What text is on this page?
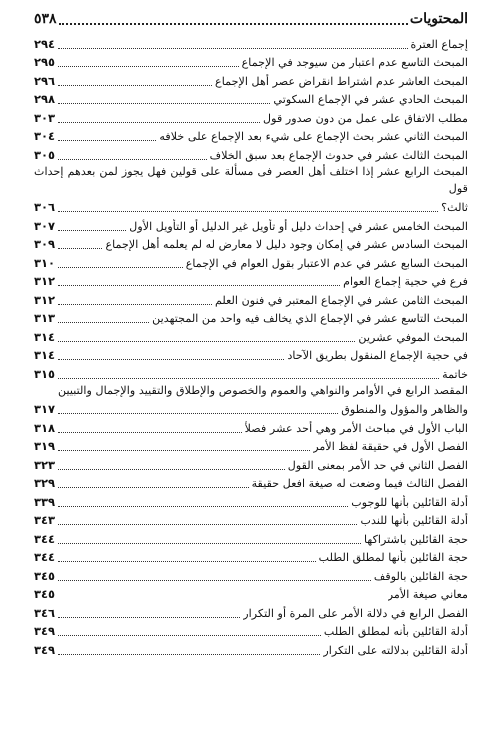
المحتويات
٥٣٨
إجماع العترة
٢٩٤
المبحث التاسع عدم اعتبار من سيوجد في الإجماع
٢٩٥
المبحث العاشر عدم اشتراط انقراض عصر أهل الإجماع
٢٩٦
المبحث الحادي عشر في الإجماع السكوتي
٢٩٨
مطلب الاتفاق على عمل من دون صدور قول
٣٠٣
المبحث الثاني عشر بحث الإجماع على شيء بعد الإجماع على خلافه
٣٠٤
المبحث الثالث عشر في حدوث الإجماع بعد سبق الخلاف
٣٠٥
المبحث الرابع عشر إذا اختلف أهل العصر فى مسألة على قولين فهل يجوز لمن بعدهم إحداث قول
ثالث؟
٣٠٦
المبحث الخامس عشر في إحداث دليل أو تأويل غير الدليل أو التأويل الأول
٣٠٧
المبحث السادس عشر في إمكان وجود دليل لا معارض له لم يعلمه أهل الإجماع
٣٠٩
المبحث السابع عشر في عدم الاعتبار بقول العوام في الإجماع
٣١٠
فرع في حجية إجماع العوام
٣١٢
المبحث الثامن عشر في الإجماع المعتبر في فنون العلم
٣١٢
المبحث التاسع عشر في الإجماع الذي يخالف فيه واحد من المجتهدين
٣١٣
المبحث الموفي عشرين
٣١٤
في حجية الإجماع المنقول بطريق الآحاد
٣١٤
خاتمة
٣١٥
المقصد الرابع في الأوامر والنواهي والعموم والخصوص والإطلاق والتقييد والإجمال والتبيين
والظاهر والمؤول والمنطوق
٣١٧
الباب الأول في مباحث الأمر وهي أحد عشر فصلاً
٣١٨
الفصل الأول في حقيقة لفظ الأمر
٣١٩
الفصل الثاني في حد الأمر بمعنى القول
٣٢٣
الفصل الثالث فيما وضعت له صيغة افعل حقيقة
٣٢٩
أدلة القائلين بأنها للوجوب
٣٣٩
أدلة القائلين بأنها للندب
٣٤٣
حجة القائلين باشتراكها
٣٤٤
حجة القائلين بأنها لمطلق الطلب
٣٤٤
حجة القائلين بالوقف
٣٤٥
معاني صيغة الأمر
٣٤٥
الفصل الرابع في دلالة الأمر على المرة أو التكرار
٣٤٦
أدلة القائلين بأنه لمطلق الطلب
٣٤٩
أدلة القائلين بدلالته على التكرار
٣٤٩
